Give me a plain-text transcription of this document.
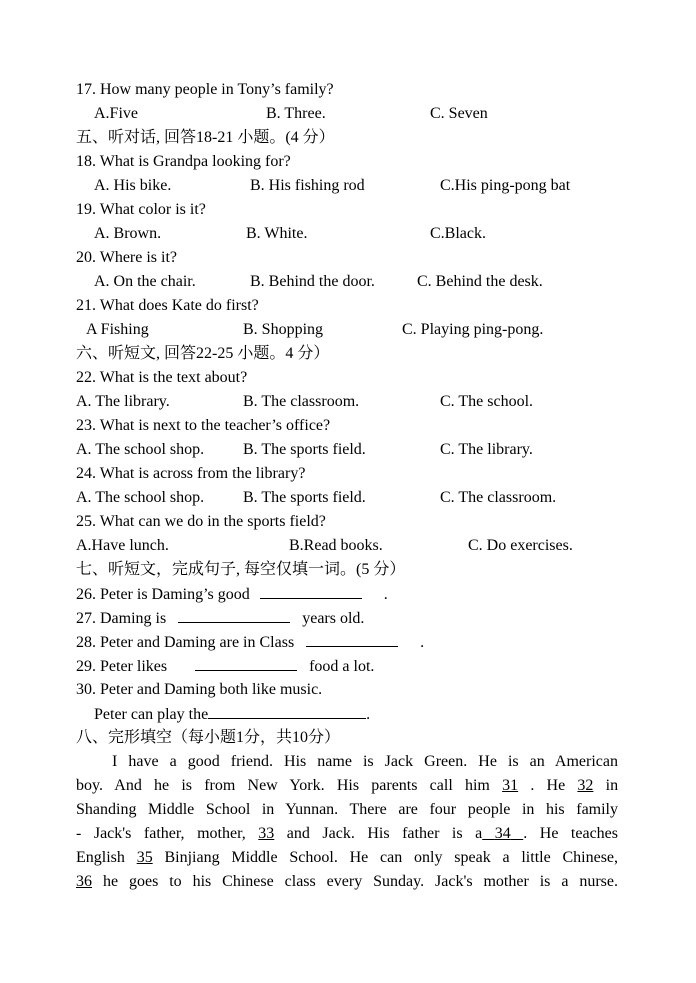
17. How many people in Tony’s family?
A.Five	B. Three.	C. Seven
五、听对话, 回答18-21 小题。(4 分）
18. What is Grandpa looking for?
A. His bike.	B. His fishing rod	C.His ping-pong bat
19. What color is it?
A. Brown.	B. White.	C.Black.
20. Where is it?
A. On the chair.	B. Behind the door.	C. Behind the desk.
21. What does Kate do first?
A Fishing	B. Shopping	C. Playing ping-pong.
六、听短文, 回答22-25 小题。4 分）
22. What is the text about?
A. The library.	B. The classroom.	C. The school.
23. What is next to the teacher’s office?
A. The school shop. B. The sports field.	C. The library.
24. What is across from the library?
A. The school shop. B. The sports field.	C. The classroom.
25. What can we do in the sports field?
A.Have lunch.	B.Read books.	C. Do exercises.
七、听短文，完成句子, 每空仅填一词。(5 分）
26. Peter is Daming’s good	.
27. Daming is	years old.
28. Peter and Daming are in Class	.
29. Peter likes	food a lot.
30. Peter and Daming both like music.
Peter can play the	.
八、完形填空（每小题1分，共10分）
I have a good friend. His name is Jack Green. He is an American
boy. And he is from New York. His parents call him 31 . He 32 in
Shanding Middle School in Yunnan. There are four people in his family
- Jack's father, mother, 33 and Jack. His father is a 34 . He teaches
English 35 Binjiang Middle School. He can only speak a little Chinese,
36 he goes to his Chinese class every Sunday. Jack's mother is a nurse.
